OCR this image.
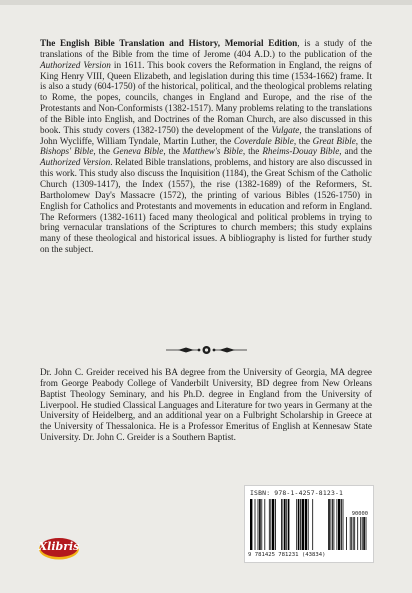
The English Bible Translation and History, Memorial Edition, is a study of the translations of the Bible from the time of Jerome (404 A.D.) to the publication of the Authorized Version in 1611. This book covers the Reformation in England, the reigns of King Henry VIII, Queen Elizabeth, and legislation during this time (1534-1662) frame. It is also a study (604-1750) of the historical, political, and the theological problems relating to Rome, the popes, councils, changes in England and Europe, and the rise of the Protestants and Non-Conformists (1382-1517). Many problems relating to the translations of the Bible into English, and Doctrines of the Roman Church, are also discussed in this book. This study covers (1382-1750) the development of the Vulgate, the translations of John Wycliffe, William Tyndale, Martin Luther, the Coverdale Bible, the Great Bible, the Bishops' Bible, the Geneva Bible, the Matthew's Bible, the Rheims-Douay Bible, and the Authorized Version. Related Bible translations, problems, and history are also discussed in this work. This study also discuss the Inquisition (1184), the Great Schism of the Catholic Church (1309-1417), the Index (1557), the rise (1382-1689) of the Reformers, St. Bartholomew Day's Massacre (1572), the printing of various Bibles (1526-1750) in English for Catholics and Protestants and movements in education and reform in England. The Reformers (1382-1611) faced many theological and political problems in trying to bring vernacular translations of the Scriptures to church members; this study explains many of these theological and historical issues. A bibliography is listed for further study on the subject.
Dr. John C. Greider received his BA degree from the University of Georgia, MA degree from George Peabody College of Vanderbilt University, BD degree from New Orleans Baptist Theology Seminary, and his Ph.D. degree in England from the University of Liverpool. He studied Classical Languages and Literature for two years in Germany at the University of Heidelberg, and an additional year on a Fulbright Scholarship in Greece at the University of Thessalonica. He is a Professor Emeritus of English at Kennesaw State University. Dr. John C. Greider is a Southern Baptist.
ISBN: 978-1-4257-8123-1
90000
9 781425 781231 (43834)
Xlibris
